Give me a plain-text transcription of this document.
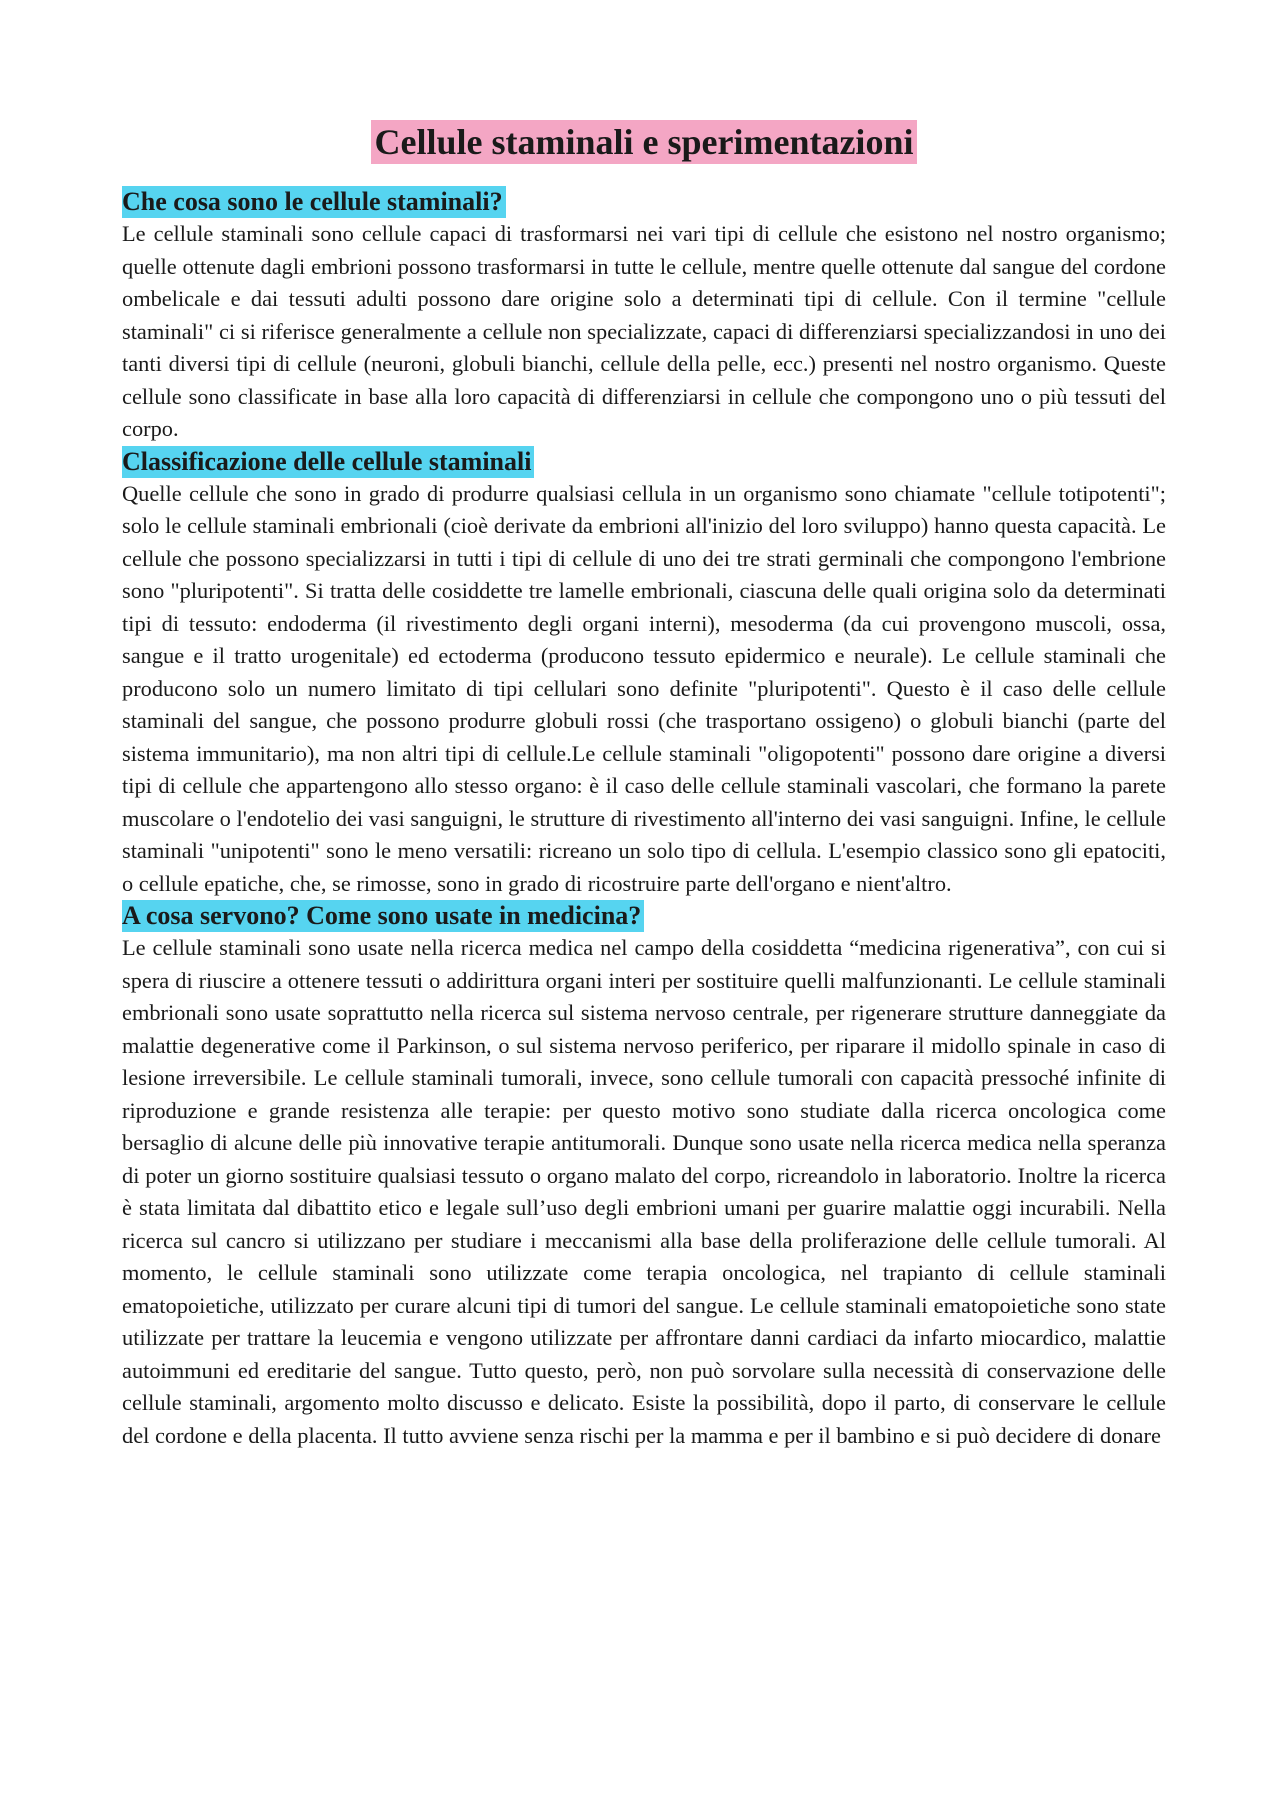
Cellule staminali e sperimentazioni
Che cosa sono le cellule staminali?

Le cellule staminali sono cellule capaci di trasformarsi nei vari tipi di cellule che esistono nel nostro organismo; quelle ottenute dagli embrioni possono trasformarsi in tutte le cellule, mentre quelle ottenute dal sangue del cordone ombelicale e dai tessuti adulti possono dare origine solo a determinati tipi di cellule. Con il termine "cellule staminali" ci si riferisce generalmente a cellule non specializzate, capaci di differenziarsi specializzandosi in uno dei tanti diversi tipi di cellule (neuroni, globuli bianchi, cellule della pelle, ecc.) presenti nel nostro organismo. Queste cellule sono classificate in base alla loro capacità di differenziarsi in cellule che compongono uno o più tessuti del corpo.

Classificazione delle cellule staminali

Quelle cellule che sono in grado di produrre qualsiasi cellula in un organismo sono chiamate "cellule totipotenti"; solo le cellule staminali embrionali (cioè derivate da embrioni all'inizio del loro sviluppo) hanno questa capacità. Le cellule che possono specializzarsi in tutti i tipi di cellule di uno dei tre strati germinali che compongono l'embrione sono "pluripotenti". Si tratta delle cosiddette tre lamelle embrionali, ciascuna delle quali origina solo da determinati tipi di tessuto: endoderma (il rivestimento degli organi interni), mesoderma (da cui provengono muscoli, ossa, sangue e il tratto urogenitale) ed ectoderma (producono tessuto epidermico e neurale). Le cellule staminali che producono solo un numero limitato di tipi cellulari sono definite "pluripotenti". Questo è il caso delle cellule staminali del sangue, che possono produrre globuli rossi (che trasportano ossigeno) o globuli bianchi (parte del sistema immunitario), ma non altri tipi di cellule.Le cellule staminali "oligopotenti" possono dare origine a diversi tipi di cellule che appartengono allo stesso organo: è il caso delle cellule staminali vascolari, che formano la parete muscolare o l'endotelio dei vasi sanguigni, le strutture di rivestimento all'interno dei vasi sanguigni. Infine, le cellule staminali "unipotenti" sono le meno versatili: ricreano un solo tipo di cellula. L'esempio classico sono gli epatociti, o cellule epatiche, che, se rimosse, sono in grado di ricostruire parte dell'organo e nient'altro.

A cosa servono? Come sono usate in medicina?

Le cellule staminali sono usate nella ricerca medica nel campo della cosiddetta “medicina rigenerativa”, con cui si spera di riuscire a ottenere tessuti o addirittura organi interi per sostituire quelli malfunzionanti. Le cellule staminali embrionali sono usate soprattutto nella ricerca sul sistema nervoso centrale, per rigenerare strutture danneggiate da malattie degenerative come il Parkinson, o sul sistema nervoso periferico, per riparare il midollo spinale in caso di lesione irreversibile. Le cellule staminali tumorali, invece, sono cellule tumorali con capacità pressoché infinite di riproduzione e grande resistenza alle terapie: per questo motivo sono studiate dalla ricerca oncologica come bersaglio di alcune delle più innovative terapie antitumorali. Dunque sono usate nella ricerca medica nella speranza di poter un giorno sostituire qualsiasi tessuto o organo malato del corpo, ricreandolo in laboratorio. Inoltre la ricerca è stata limitata dal dibattito etico e legale sull’uso degli embrioni umani per guarire malattie oggi incurabili. Nella ricerca sul cancro si utilizzano per studiare i meccanismi alla base della proliferazione delle cellule tumorali. Al momento, le cellule staminali sono utilizzate come terapia oncologica, nel trapianto di cellule staminali ematopoietiche, utilizzato per curare alcuni tipi di tumori del sangue. Le cellule staminali ematopoietiche sono state utilizzate per trattare la leucemia e vengono utilizzate per affrontare danni cardiaci da infarto miocardico, malattie autoimmuni ed ereditarie del sangue. Tutto questo, però, non può sorvolare sulla necessità di conservazione delle cellule staminali, argomento molto discusso e delicato. Esiste la possibilità, dopo il parto, di conservare le cellule del cordone e della placenta. Il tutto avviene senza rischi per la mamma e per il bambino e si può decidere di donare
